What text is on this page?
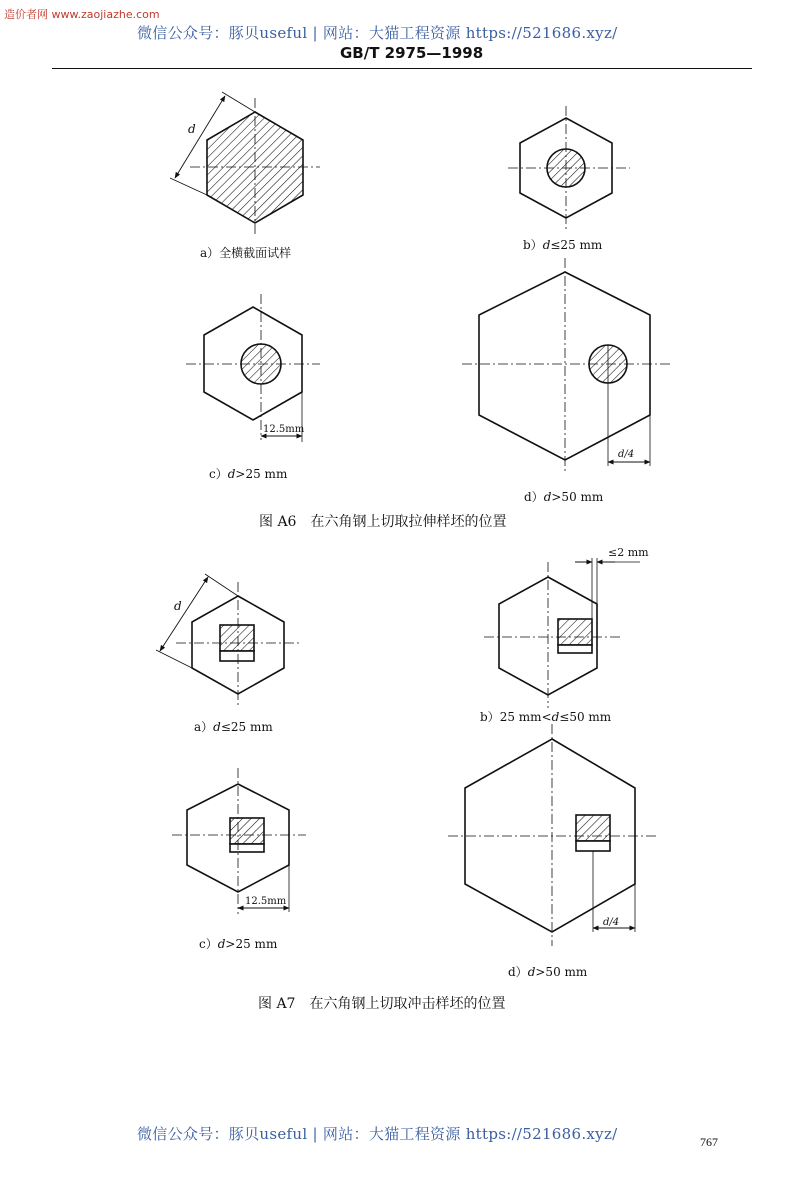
造价者网 www.zaojiazhe.com
微信公众号：豚贝useful | 网站：大猫工程资源 https://521686.xyz/
GB/T 2975—1998
d
12.5mm
d/4
d
≤2 mm
12.5mm
d/4
a）全横截面试样
b）d≤25 mm
c）d>25 mm
d）d>50 mm
图 A6　在六角钢上切取拉伸样坯的位置
a）d≤25 mm
b）25 mm<d≤50 mm
c）d>25 mm
d）d>50 mm
图 A7　在六角钢上切取冲击样坯的位置
微信公众号：豚贝useful | 网站：大猫工程资源 https://521686.xyz/	767
